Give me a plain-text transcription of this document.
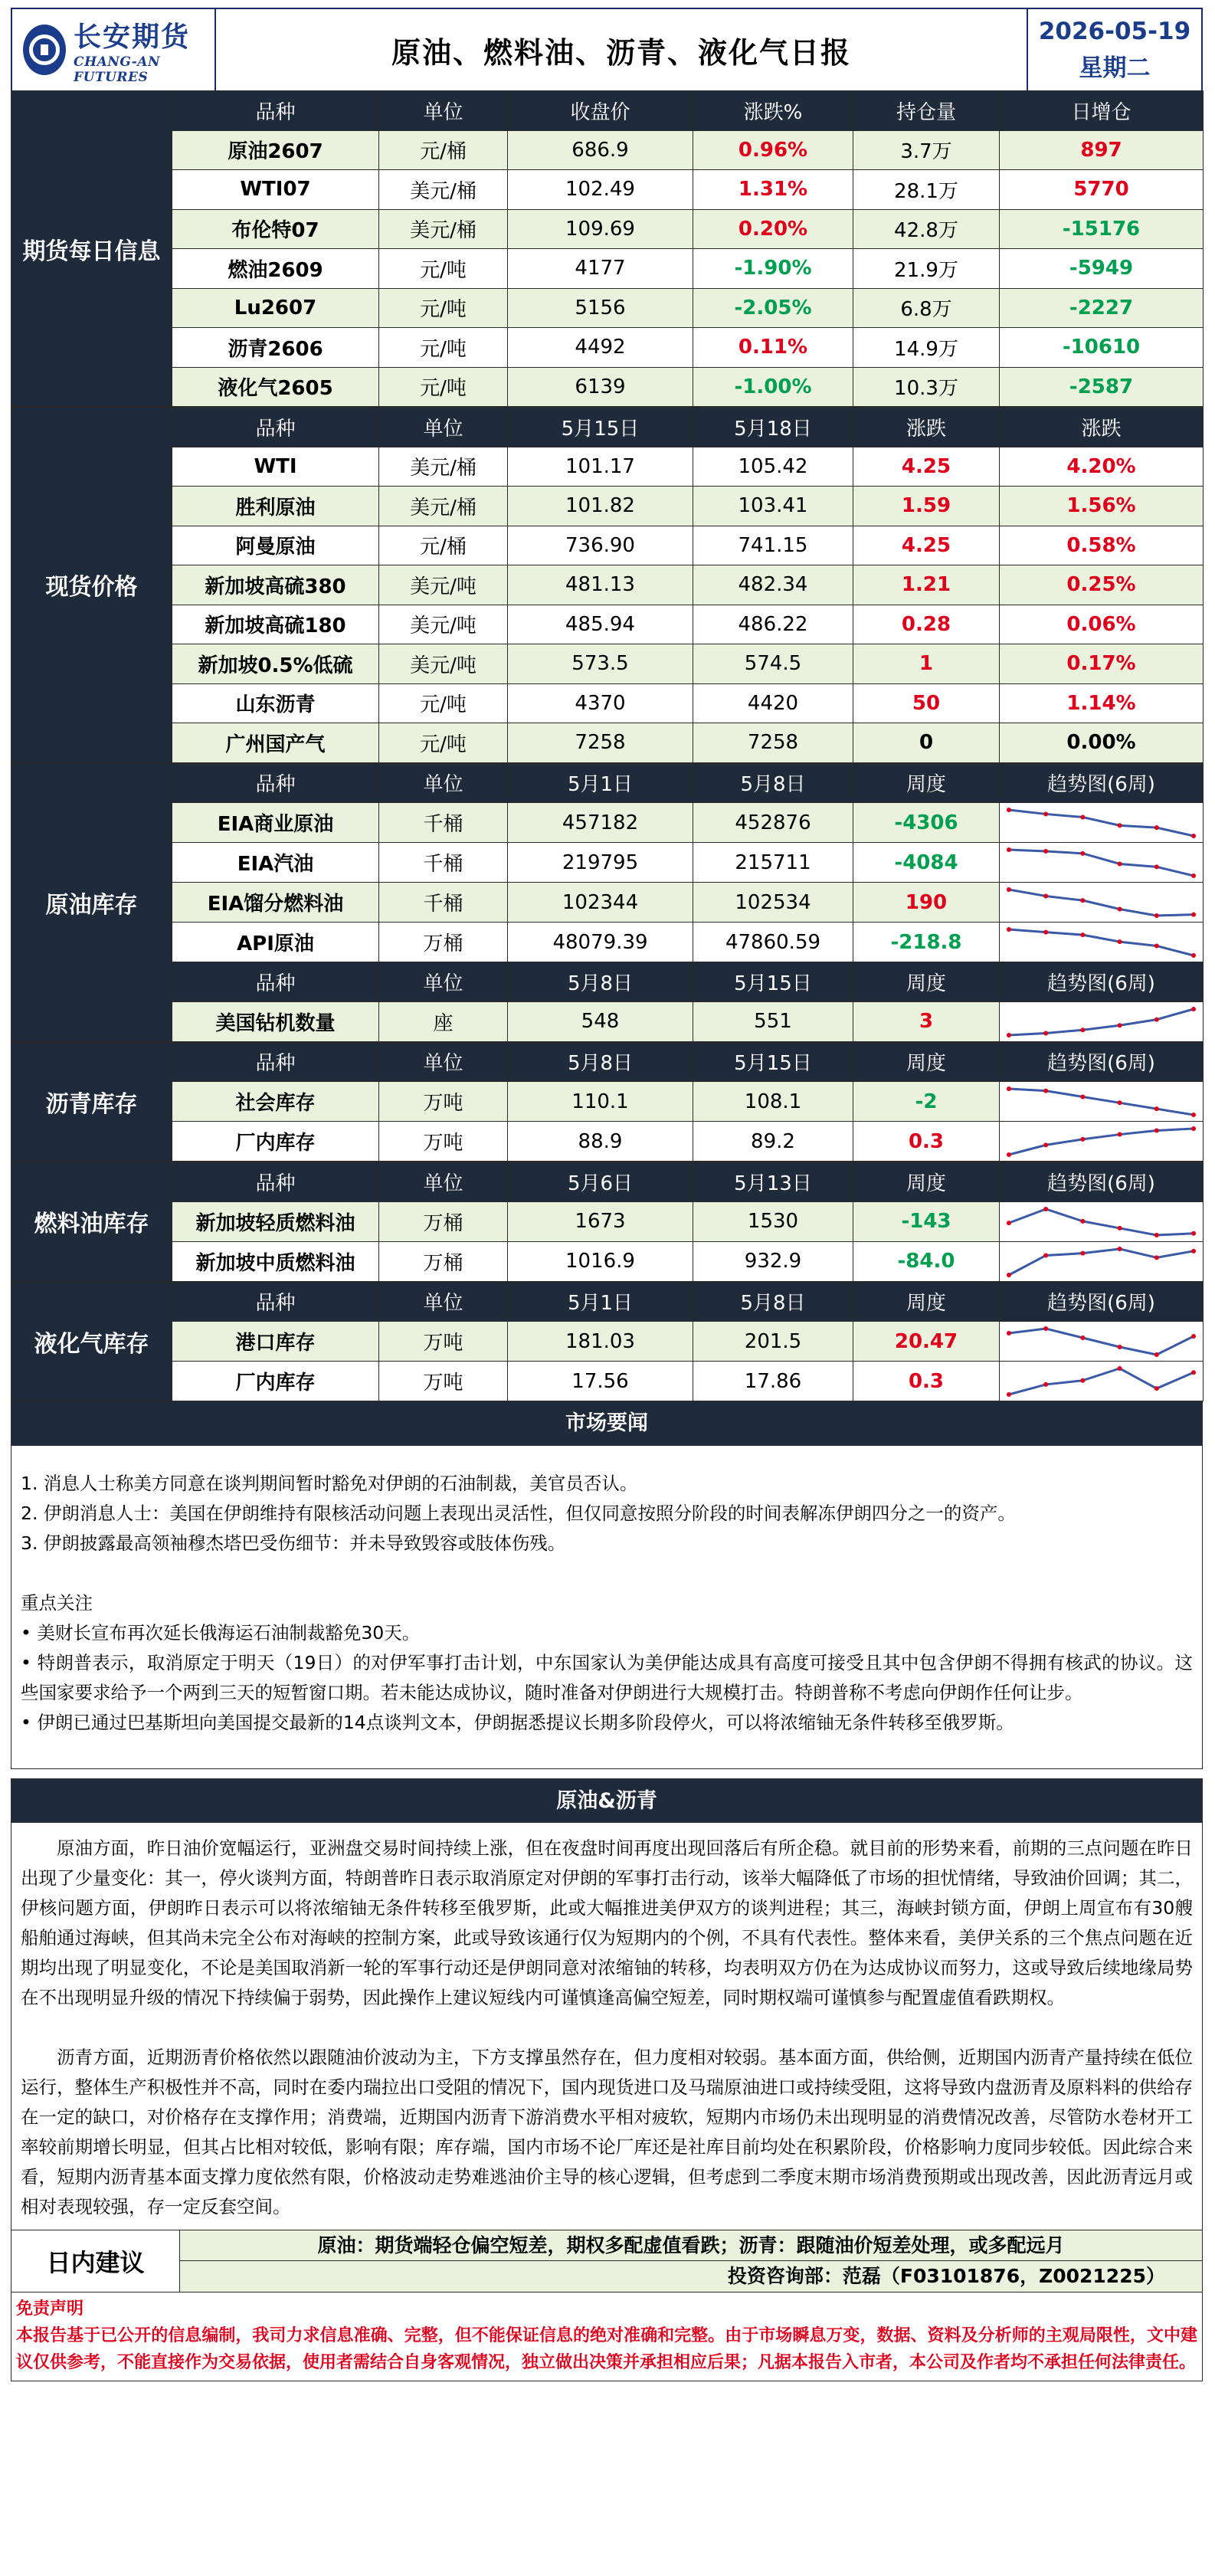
长安期货
CHANG-AN FUTURES
原油、燃料油、沥青、液化气日报
2026-05-19
星期二
期货每日信息	品种	单位	收盘价	涨跌%	持仓量	日增仓
	原油2607	元/桶	686.9	0.96%	3.7万	897
	WTI07	美元/桶	102.49	1.31%	28.1万	5770
	布伦特07	美元/桶	109.69	0.20%	42.8万	-15176
	燃油2609	元/吨	4177	-1.90%	21.9万	-5949
	Lu2607	元/吨	5156	-2.05%	6.8万	-2227
	沥青2606	元/吨	4492	0.11%	14.9万	-10610
	液化气2605	元/吨	6139	-1.00%	10.3万	-2587
现货价格	品种	单位	5月15日	5月18日	涨跌	涨跌
	WTI	美元/桶	101.17	105.42	4.25	4.20%
	胜利原油	美元/桶	101.82	103.41	1.59	1.56%
	阿曼原油	元/桶	736.90	741.15	4.25	0.58%
	新加坡高硫380	美元/吨	481.13	482.34	1.21	0.25%
	新加坡高硫180	美元/吨	485.94	486.22	0.28	0.06%
	新加坡0.5%低硫	美元/吨	573.5	574.5	1	0.17%
	山东沥青	元/吨	4370	4420	50	1.14%
	广州国产气	元/吨	7258	7258	0	0.00%
原油库存	品种	单位	5月1日	5月8日	周度	趋势图(6周)
	EIA商业原油	千桶	457182	452876	-4306	

	EIA汽油	千桶	219795	215711	-4084	

	EIA馏分燃料油	千桶	102344	102534	190	

	API原油	万桶	48079.39	47860.59	-218.8	

	品种	单位	5月8日	5月15日	周度	趋势图(6周)
	美国钻机数量	座	548	551	3	
沥青库存	品种	单位	5月8日	5月15日	周度	趋势图(6周)
	社会库存	万吨	110.1	108.1	-2	

	厂内库存	万吨	88.9	89.2	0.3	
燃料油库存	品种	单位	5月6日	5月13日	周度	趋势图(6周)
	新加坡轻质燃料油	万桶	1673	1530	-143	

	新加坡中质燃料油	万桶	1016.9	932.9	-84.0	
液化气库存	品种	单位	5月1日	5月8日	周度	趋势图(6周)
	港口库存	万吨	181.03	201.5	20.47	

	厂内库存	万吨	17.56	17.86	0.3	
市场要闻

1. 消息人士称美方同意在谈判期间暂时豁免对伊朗的石油制裁，美官员否认。

2. 伊朗消息人士：美国在伊朗维持有限核活动问题上表现出灵活性，但仅同意按照分阶段的时间表解冻伊朗四分之一的资产。

3. 伊朗披露最高领袖穆杰塔巴受伤细节：并未导致毁容或肢体伤残。

重点关注

• 美财长宣布再次延长俄海运石油制裁豁免30天。

• 特朗普表示，取消原定于明天（19日）的对伊军事打击计划，中东国家认为美伊能达成具有高度可接受且其中包含伊朗不得拥有核武的协议。这些国家要求给予一个两到三天的短暂窗口期。若未能达成协议，随时准备对伊朗进行大规模打击。特朗普称不考虑向伊朗作任何让步。

• 伊朗已通过巴基斯坦向美国提交最新的14点谈判文本，伊朗据悉提议长期多阶段停火，可以将浓缩铀无条件转移至俄罗斯。

原油&沥青

原油方面，昨日油价宽幅运行，亚洲盘交易时间持续上涨，但在夜盘时间再度出现回落后有所企稳。就目前的形势来看，前期的三点问题在昨日出现了少量变化：其一，停火谈判方面，特朗普昨日表示取消原定对伊朗的军事打击行动，该举大幅降低了市场的担忧情绪，导致油价回调；其二，伊核问题方面，伊朗昨日表示可以将浓缩铀无条件转移至俄罗斯，此或大幅推进美伊双方的谈判进程；其三，海峡封锁方面，伊朗上周宣布有30艘船舶通过海峡，但其尚未完全公布对海峡的控制方案，此或导致该通行仅为短期内的个例，不具有代表性。整体来看，美伊关系的三个焦点问题在近期均出现了明显变化，不论是美国取消新一轮的军事行动还是伊朗同意对浓缩铀的转移，均表明双方仍在为达成协议而努力，这或导致后续地缘局势在不出现明显升级的情况下持续偏于弱势，因此操作上建议短线内可谨慎逢高偏空短差，同时期权端可谨慎参与配置虚值看跌期权。

沥青方面，近期沥青价格依然以跟随油价波动为主，下方支撑虽然存在，但力度相对较弱。基本面方面，供给侧，近期国内沥青产量持续在低位运行，整体生产积极性并不高，同时在委内瑞拉出口受阻的情况下，国内现货进口及马瑞原油进口或持续受阻，这将导致内盘沥青及原料料的供给存在一定的缺口，对价格存在支撑作用；消费端，近期国内沥青下游消费水平相对疲软，短期内市场仍未出现明显的消费情况改善，尽管防水卷材开工率较前期增长明显，但其占比相对较低，影响有限；库存端，国内市场不论厂库还是社库目前均处在积累阶段，价格影响力度同步较低。因此综合来看，短期内沥青基本面支撑力度依然有限，价格波动走势难逃油价主导的核心逻辑，但考虑到二季度末期市场消费预期或出现改善，因此沥青远月或相对表现较强，存一定反套空间。

日内建议
原油：期货端轻仓偏空短差，期权多配虚值看跌；沥青：跟随油价短差处理，或多配远月
投资咨询部：范磊（F03101876，Z0021225）
免责声明
本报告基于已公开的信息编制，我司力求信息准确、完整，但不能保证信息的绝对准确和完整。由于市场瞬息万变，数据、资料及分析师的主观局限性，文中建议仅供参考，不能直接作为交易依据，使用者需结合自身客观情况，独立做出决策并承担相应后果；凡据本报告入市者，本公司及作者均不承担任何法律责任。
